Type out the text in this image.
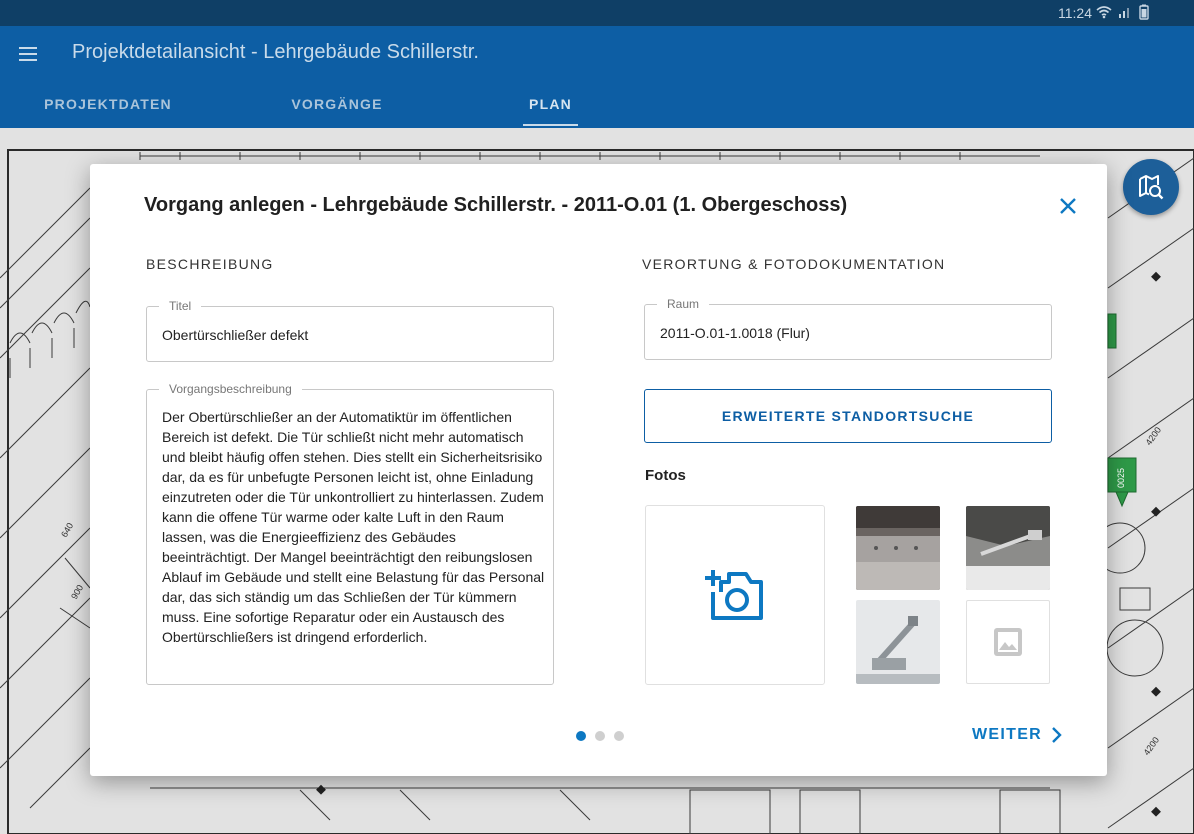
11:24
Projektdetailansicht - Lehrgebäude Schillerstr.
PROJEKTDATEN	VORGÄNGE	PLAN
4200
4200
0025
640
900
Vorgang anlegen - Lehrgebäude Schillerstr. - 2011-O.01 (1. Obergeschoss)
BESCHREIBUNG	VERORTUNG & FOTODOKUMENTATION
Titel
Obertürschließer defekt
Vorgangsbeschreibung
Der Obertürschließer an der Automatiktür im öffentlichen Bereich ist defekt. Die Tür schließt nicht mehr automatisch und bleibt häufig offen stehen. Dies stellt ein Sicherheitsrisiko dar, da es für unbefugte Personen leicht ist, ohne Einladung einzutreten oder die Tür unkontrolliert zu hinterlassen. Zudem kann die offene Tür warme oder kalte Luft in den Raum lassen, was die Energieeffizienz des Gebäudes beeinträchtigt. Der Mangel beeinträchtigt den reibungslosen Ablauf im Gebäude und stellt eine Belastung für das Personal dar, das sich ständig um das Schließen der Tür kümmern muss. Eine sofortige Reparatur oder ein Austausch des Obertürschließers ist dringend erforderlich.
Raum
2011-O.01-1.0018 (Flur)
ERWEITERTE STANDORTSUCHE
Fotos
WEITER
